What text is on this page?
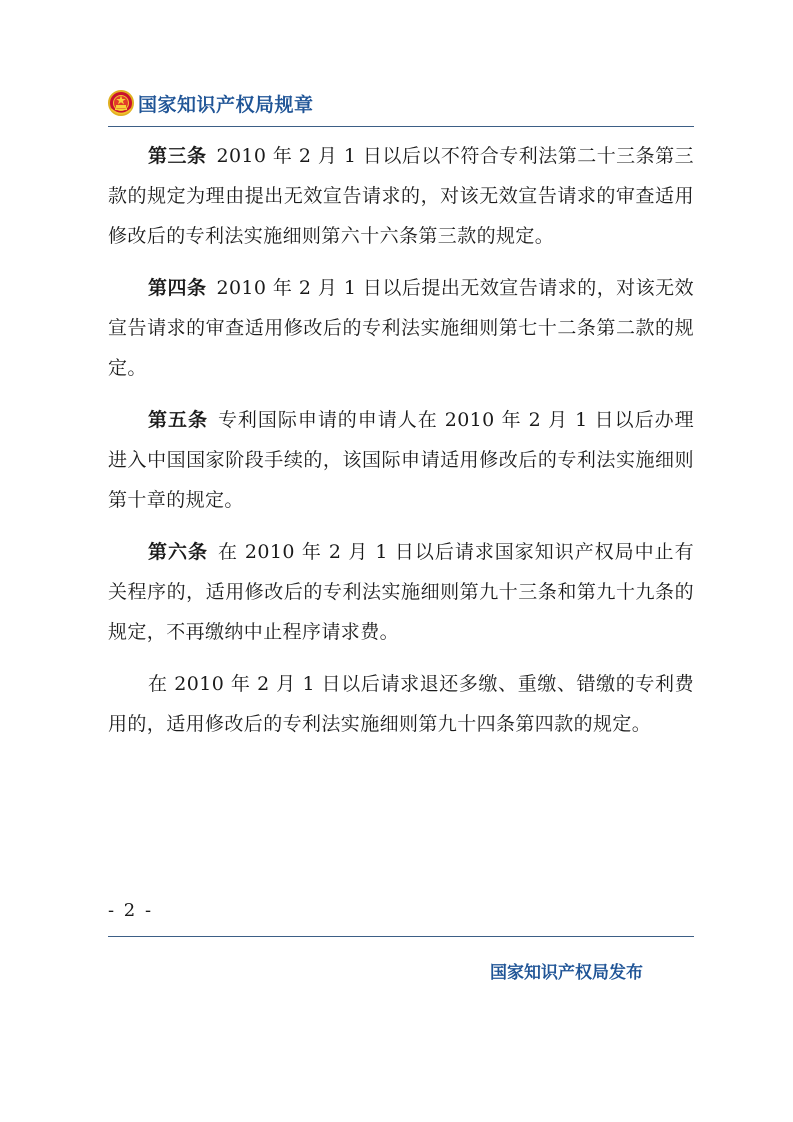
国家知识产权局规章

第三条 2010 年 2 月 1 日以后以不符合专利法第二十三条第三款的规定为理由提出无效宣告请求的，对该无效宣告请求的审查适用修改后的专利法实施细则第六十六条第三款的规定。

第四条 2010 年 2 月 1 日以后提出无效宣告请求的，对该无效宣告请求的审查适用修改后的专利法实施细则第七十二条第二款的规定。

第五条 专利国际申请的申请人在 2010 年 2 月 1 日以后办理进入中国国家阶段手续的，该国际申请适用修改后的专利法实施细则第十章的规定。

第六条 在 2010 年 2 月 1 日以后请求国家知识产权局中止有关程序的，适用修改后的专利法实施细则第九十三条和第九十九条的规定，不再缴纳中止程序请求费。

在 2010 年 2 月 1 日以后请求退还多缴、重缴、错缴的专利费用的，适用修改后的专利法实施细则第九十四条第四款的规定。

- 2 -
国家知识产权局发布
